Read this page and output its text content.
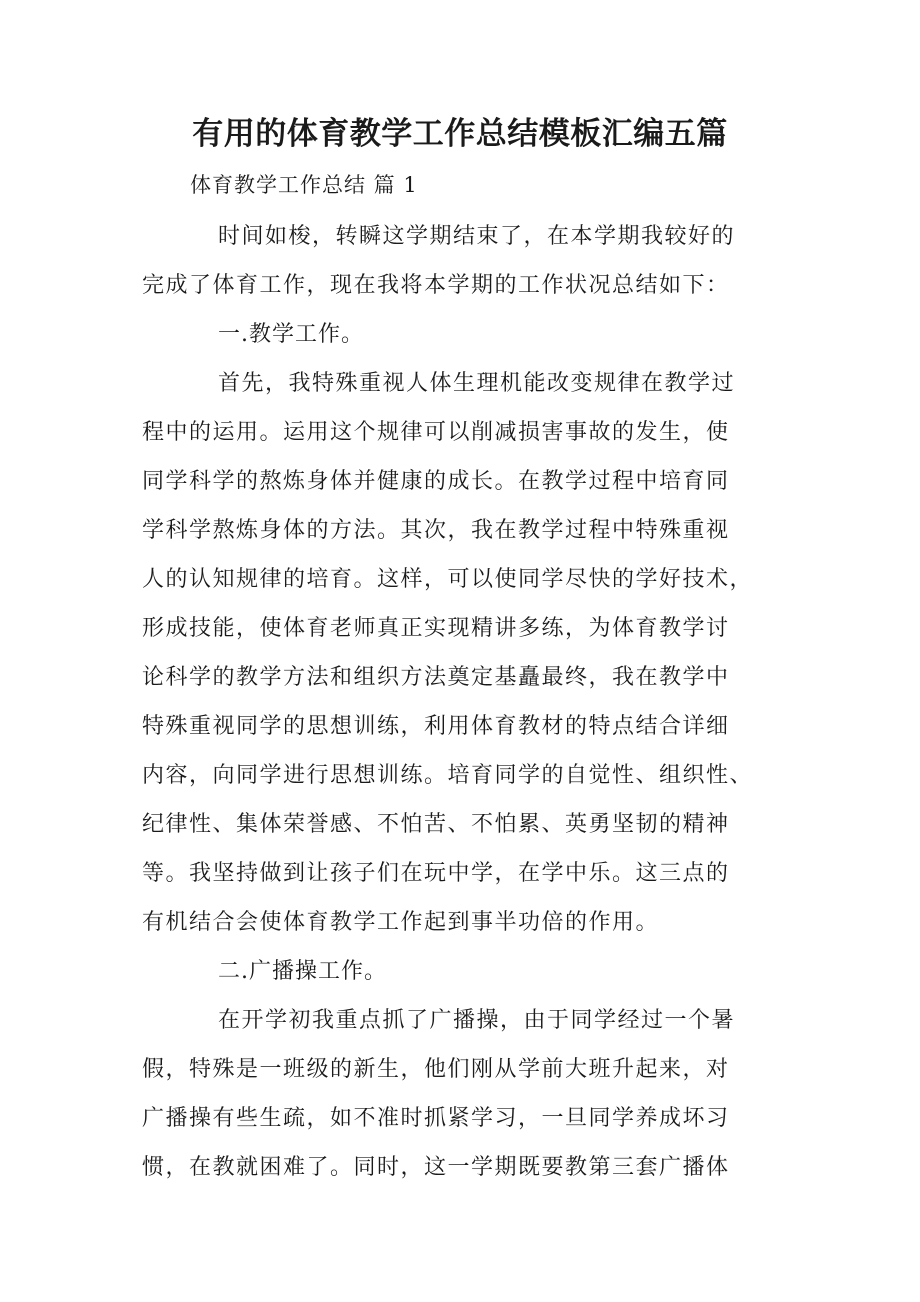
有用的体育教学工作总结模板汇编五篇

体育教学工作总结 篇 1

时间如梭，转瞬这学期结束了，在本学期我较好的
完成了体育工作，现在我将本学期的工作状况总结如下：
一.教学工作。
首先，我特殊重视人体生理机能改变规律在教学过
程中的运用。运用这个规律可以削减损害事故的发生，使
同学科学的熬炼身体并健康的成长。在教学过程中培育同
学科学熬炼身体的方法。其次，我在教学过程中特殊重视
人的认知规律的培育。这样，可以使同学尽快的学好技术，
形成技能，使体育老师真正实现精讲多练，为体育教学讨
论科学的教学方法和组织方法奠定基矗最终，我在教学中
特殊重视同学的思想训练，利用体育教材的特点结合详细
内容，向同学进行思想训练。培育同学的自觉性、组织性、
纪律性、集体荣誉感、不怕苦、不怕累、英勇坚韧的精神
等。我坚持做到让孩子们在玩中学，在学中乐。这三点的
有机结合会使体育教学工作起到事半功倍的作用。
二.广播操工作。
在开学初我重点抓了广播操，由于同学经过一个暑
假，特殊是一班级的新生，他们刚从学前大班升起来，对
广播操有些生疏，如不准时抓紧学习，一旦同学养成坏习
惯，在教就困难了。同时，这一学期既要教第三套广播体
